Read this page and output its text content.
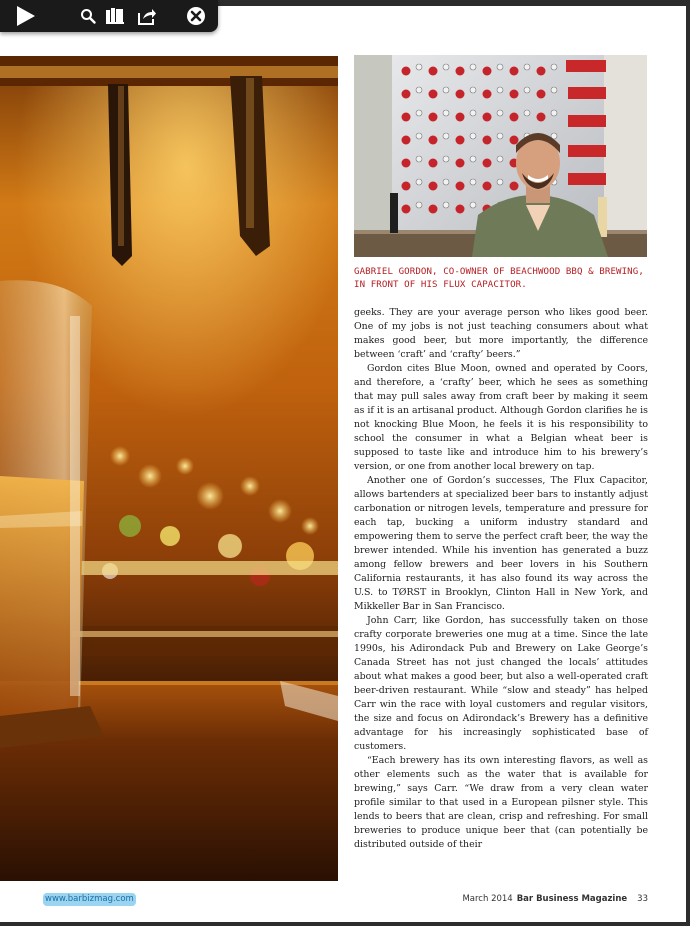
GABRIEL GORDON, CO-OWNER OF BEACHWOOD BBQ & BREWING, IN FRONT OF HIS FLUX CAPACITOR.

geeks. They are your average person who likes good beer. One of my jobs is not just teaching consumers about what makes good beer, but more importantly, the difference between ‘craft’ and ‘crafty’ beers.”

Gordon cites Blue Moon, owned and operated by Coors, and therefore, a ‘crafty’ beer, which he sees as something that may pull sales away from craft beer by making it seem as if it is an artisanal product. Although Gordon clarifies he is not knocking Blue Moon, he feels it is his responsibility to school the consumer in what a Belgian wheat beer is supposed to taste like and introduce him to his brewery’s version, or one from another local brewery on tap.

Another one of Gordon’s successes, The Flux Capacitor, allows bartenders at specialized beer bars to instantly adjust carbonation or nitrogen levels, temperature and pressure for each tap, bucking a uniform industry standard and empowering them to serve the perfect craft beer, the way the brewer intended. While his invention has generated a buzz among fellow brewers and beer lovers in his Southern California restaurants, it has also found its way across the U.S. to TØRST in Brooklyn, Clinton Hall in New York, and Mikkeller Bar in San Francisco.

John Carr, like Gordon, has successfully taken on those crafty corporate breweries one mug at a time. Since the late 1990s, his Adirondack Pub and Brewery on Lake George’s Canada Street has not just changed the locals’ attitudes about what makes a good beer, but also a well-operated craft beer-driven restaurant. While “slow and steady” has helped Carr win the race with loyal customers and regular visitors, the size and focus on Adirondack’s Brewery has a definitive advantage for his increasingly sophisticated base of customers.

“Each brewery has its own interesting flavors, as well as other elements such as the water that is available for brewing,” says Carr. “We draw from a very clean water profile similar to that used in a European pilsner style. This lends to beers that are clean, crisp and refreshing. For small breweries to produce unique beer that (can potentially be distributed outside of their

www.barbizmag.com	March 2014 Bar Business Magazine 33
